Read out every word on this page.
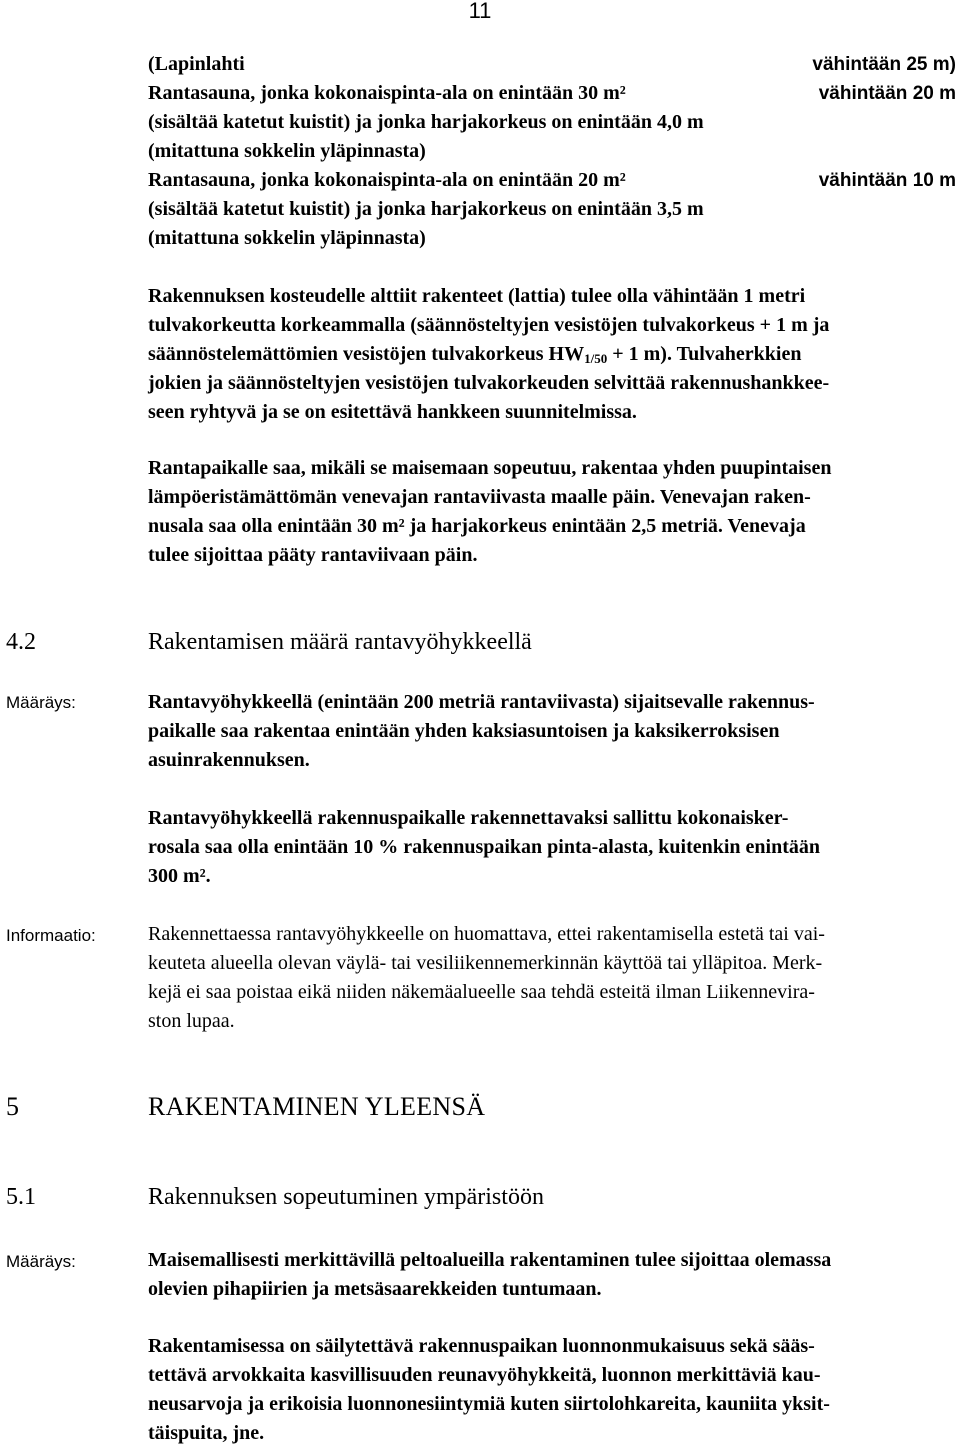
11
(Lapinlahti	vähintään 25 m)
Rantasauna, jonka kokonaispinta-ala on enintään 30 m²	vähintään 20 m
(sisältää katetut kuistit) ja jonka harjakorkeus on enintään 4,0 m
(mitattuna sokkelin yläpinnasta)
Rantasauna, jonka kokonaispinta-ala on enintään 20 m²	vähintään 10 m
(sisältää katetut kuistit) ja jonka harjakorkeus on enintään 3,5 m
(mitattuna sokkelin yläpinnasta)
Rakennuksen kosteudelle alttiit rakenteet (lattia) tulee olla vähintään 1 metri
tulvakorkeutta korkeammalla (säännösteltyjen vesistöjen tulvakorkeus + 1 m ja
säännöstelemättömien vesistöjen tulvakorkeus $HW_{1/50} + 1$ m). Tulvaherkkien
jokien ja säännösteltyjen vesistöjen tulvakorkeuden selvittää rakennushankkee-
seen ryhtyvä ja se on esitettävä hankkeen suunnitelmissa.
Rantapaikalle saa, mikäli se maisemaan sopeutuu, rakentaa yhden puupintaisen
lämpöeristämättömän venevajan rantaviivasta maalle päin. Venevajan raken-
nusala saa olla enintään 30 m² ja harjakorkeus enintään 2,5 metriä. Venevaja
tulee sijoittaa pääty rantaviivaan päin.
4.2	Rakentamisen määrä rantavyöhykkeellä
Määräys:	Rantavyöhykkeellä (enintään 200 metriä rantaviivasta) sijaitsevalle rakennus-
paikalle saa rakentaa enintään yhden kaksiasuntoisen ja kaksikerroksisen
asuinrakennuksen.
Rantavyöhykkeellä rakennuspaikalle rakennettavaksi sallittu kokonaisker-
rosala saa olla enintään 10 % rakennuspaikan pinta-alasta, kuitenkin enintään
300 m².
Informaatio:	Rakennettaessa rantavyöhykkeelle on huomattava, ettei rakentamisella estetä tai vai-
keuteta alueella olevan väylä- tai vesiliikennemerkinnän käyttöä tai ylläpitoa. Merk-
kejä ei saa poistaa eikä niiden näkemäalueelle saa tehdä esteitä ilman Liikennevira-
ston lupaa.
5	RAKENTAMINEN YLEENSÄ
5.1	Rakennuksen sopeutuminen ympäristöön
Määräys:	Maisemallisesti merkittävillä peltoalueilla rakentaminen tulee sijoittaa olemassa
olevien pihapiirien ja metsäsaarekkeiden tuntumaan.
Rakentamisessa on säilytettävä rakennuspaikan luonnonmukaisuus sekä sääs-
tettävä arvokkaita kasvillisuuden reunavyöhykkeitä, luonnon merkittäviä kau-
neusarvoja ja erikoisia luonnonesiintymiä kuten siirtolohkareita, kauniita yksit-
täispuita, jne.
